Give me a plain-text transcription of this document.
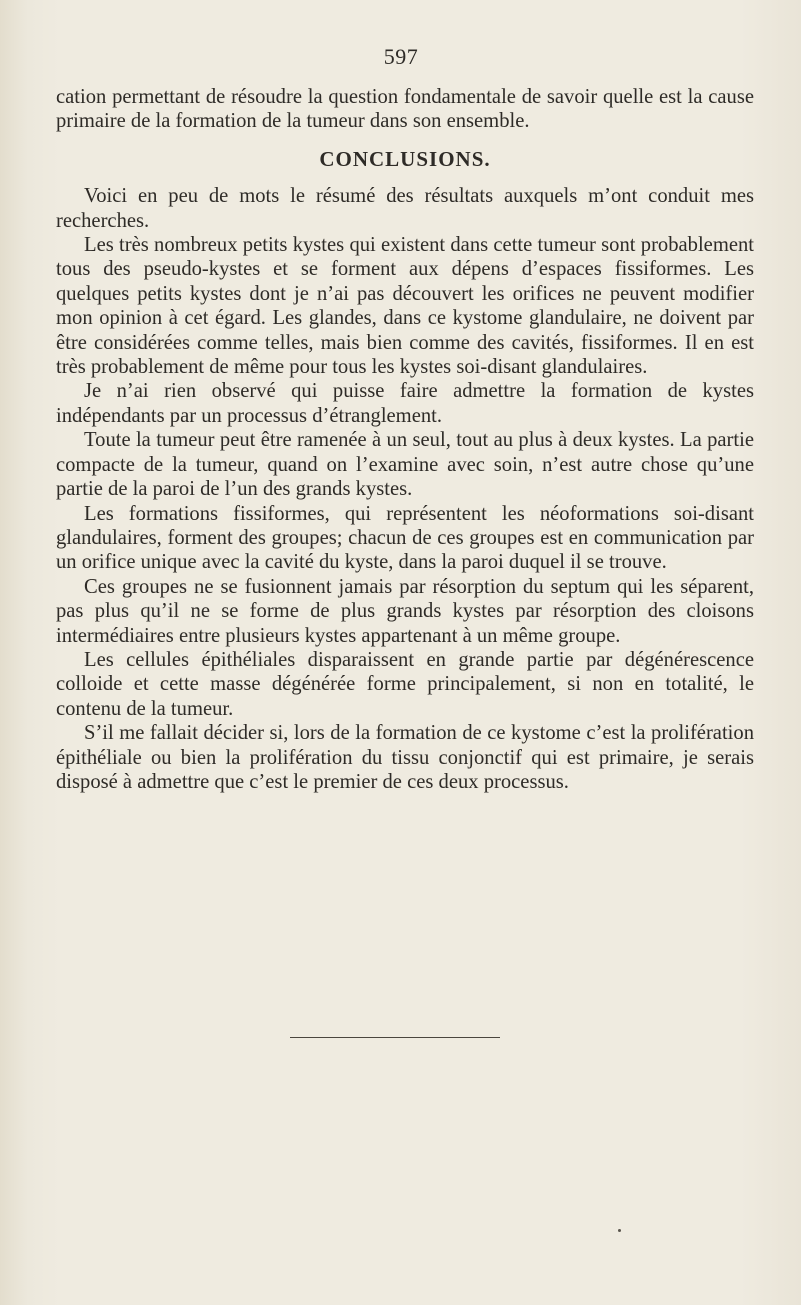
597

cation permettant de résoudre la question fondamentale de savoir quelle est la cause primaire de la formation de la tumeur dans son ensemble.

CONCLUSIONS.

Voici en peu de mots le résumé des résultats auxquels m’ont conduit mes recherches.

Les très nombreux petits kystes qui existent dans cette tumeur sont probablement tous des pseudo-kystes et se forment aux dépens d’espaces fissiformes. Les quelques petits kystes dont je n’ai pas découvert les orifices ne peuvent modifier mon opinion à cet égard. Les glandes, dans ce kystome glandulaire, ne doivent par être considérées comme telles, mais bien comme des cavités, fissiformes. Il en est très probablement de même pour tous les kystes soi-disant glandulaires.

Je n’ai rien observé qui puisse faire admettre la formation de kystes indépendants par un processus d’étranglement.

Toute la tumeur peut être ramenée à un seul, tout au plus à deux kystes. La partie compacte de la tumeur, quand on l’examine avec soin, n’est autre chose qu’une partie de la paroi de l’un des grands kystes.

Les formations fissiformes, qui représentent les néoformations soi-disant glandulaires, forment des groupes; chacun de ces groupes est en communication par un orifice unique avec la cavité du kyste, dans la paroi duquel il se trouve.

Ces groupes ne se fusionnent jamais par résorption du septum qui les séparent, pas plus qu’il ne se forme de plus grands kystes par résorption des cloisons intermédiaires entre plusieurs kystes appartenant à un même groupe.

Les cellules épithéliales disparaissent en grande partie par dégénérescence colloide et cette masse dégénérée forme principalement, si non en totalité, le contenu de la tumeur.

S’il me fallait décider si, lors de la formation de ce kystome c’est la prolifération épithéliale ou bien la prolifération du tissu conjonctif qui est primaire, je serais disposé à admettre que c’est le premier de ces deux processus.
